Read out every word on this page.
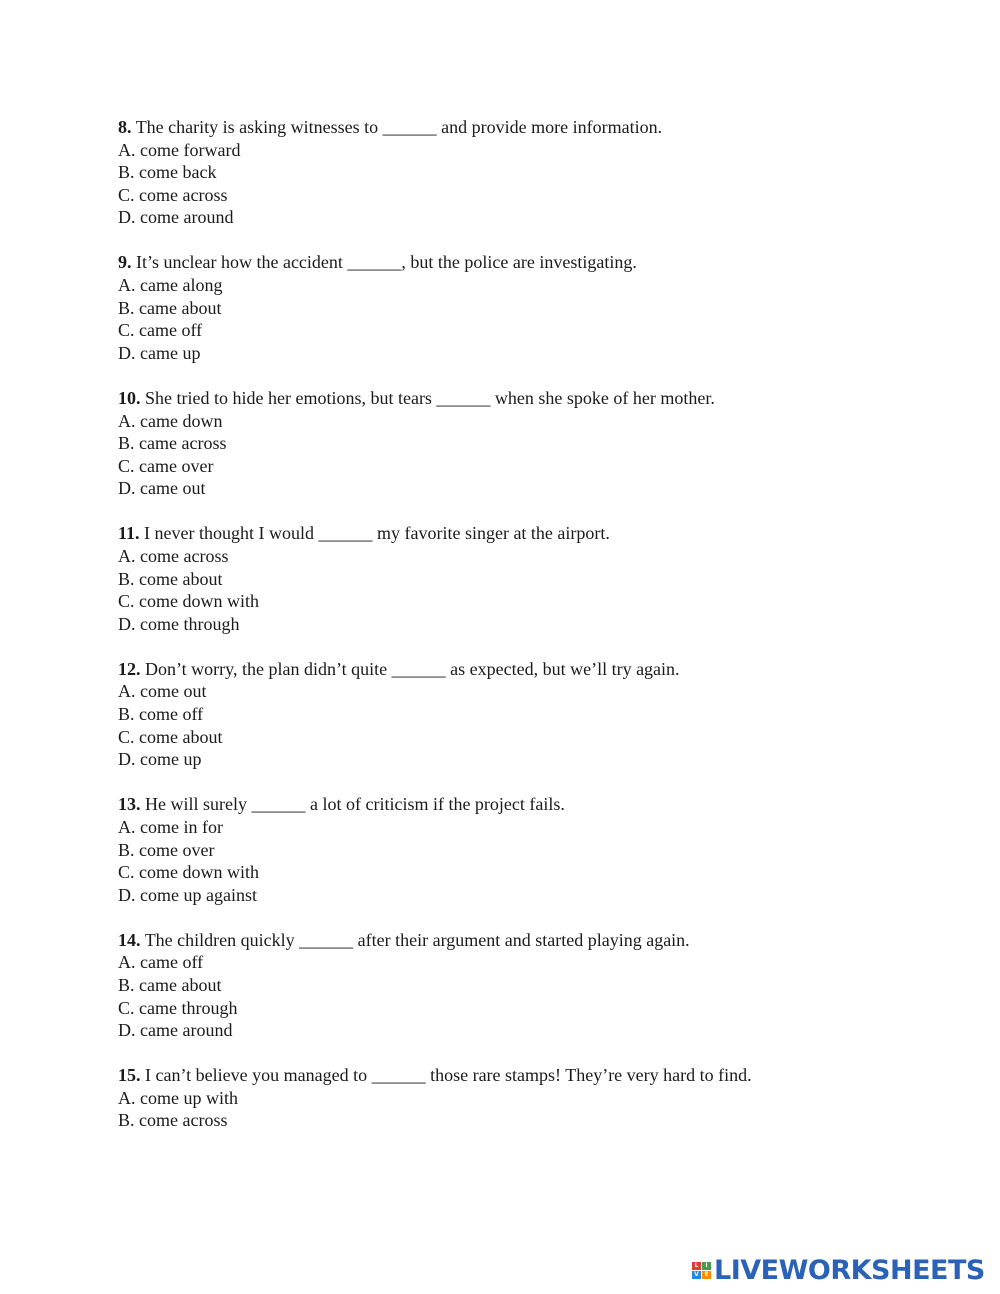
8. The charity is asking witnesses to ______ and provide more information.
A. come forward
B. come back
C. come across
D. come around
9. It’s unclear how the accident ______, but the police are investigating.
A. came along
B. came about
C. came off
D. came up
10. She tried to hide her emotions, but tears ______ when she spoke of her mother.
A. came down
B. came across
C. came over
D. came out
11. I never thought I would ______ my favorite singer at the airport.
A. come across
B. come about
C. come down with
D. come through
12. Don’t worry, the plan didn’t quite ______ as expected, but we’ll try again.
A. come out
B. come off
C. come about
D. come up
13. He will surely ______ a lot of criticism if the project fails.
A. come in for
B. come over
C. come down with
D. come up against
14. The children quickly ______ after their argument and started playing again.
A. came off
B. came about
C. came through
D. came around
15. I can’t believe you managed to ______ those rare stamps! They’re very hard to find.
A. come up with
B. come across
L	I
V E LIVEWORKSHEETS
